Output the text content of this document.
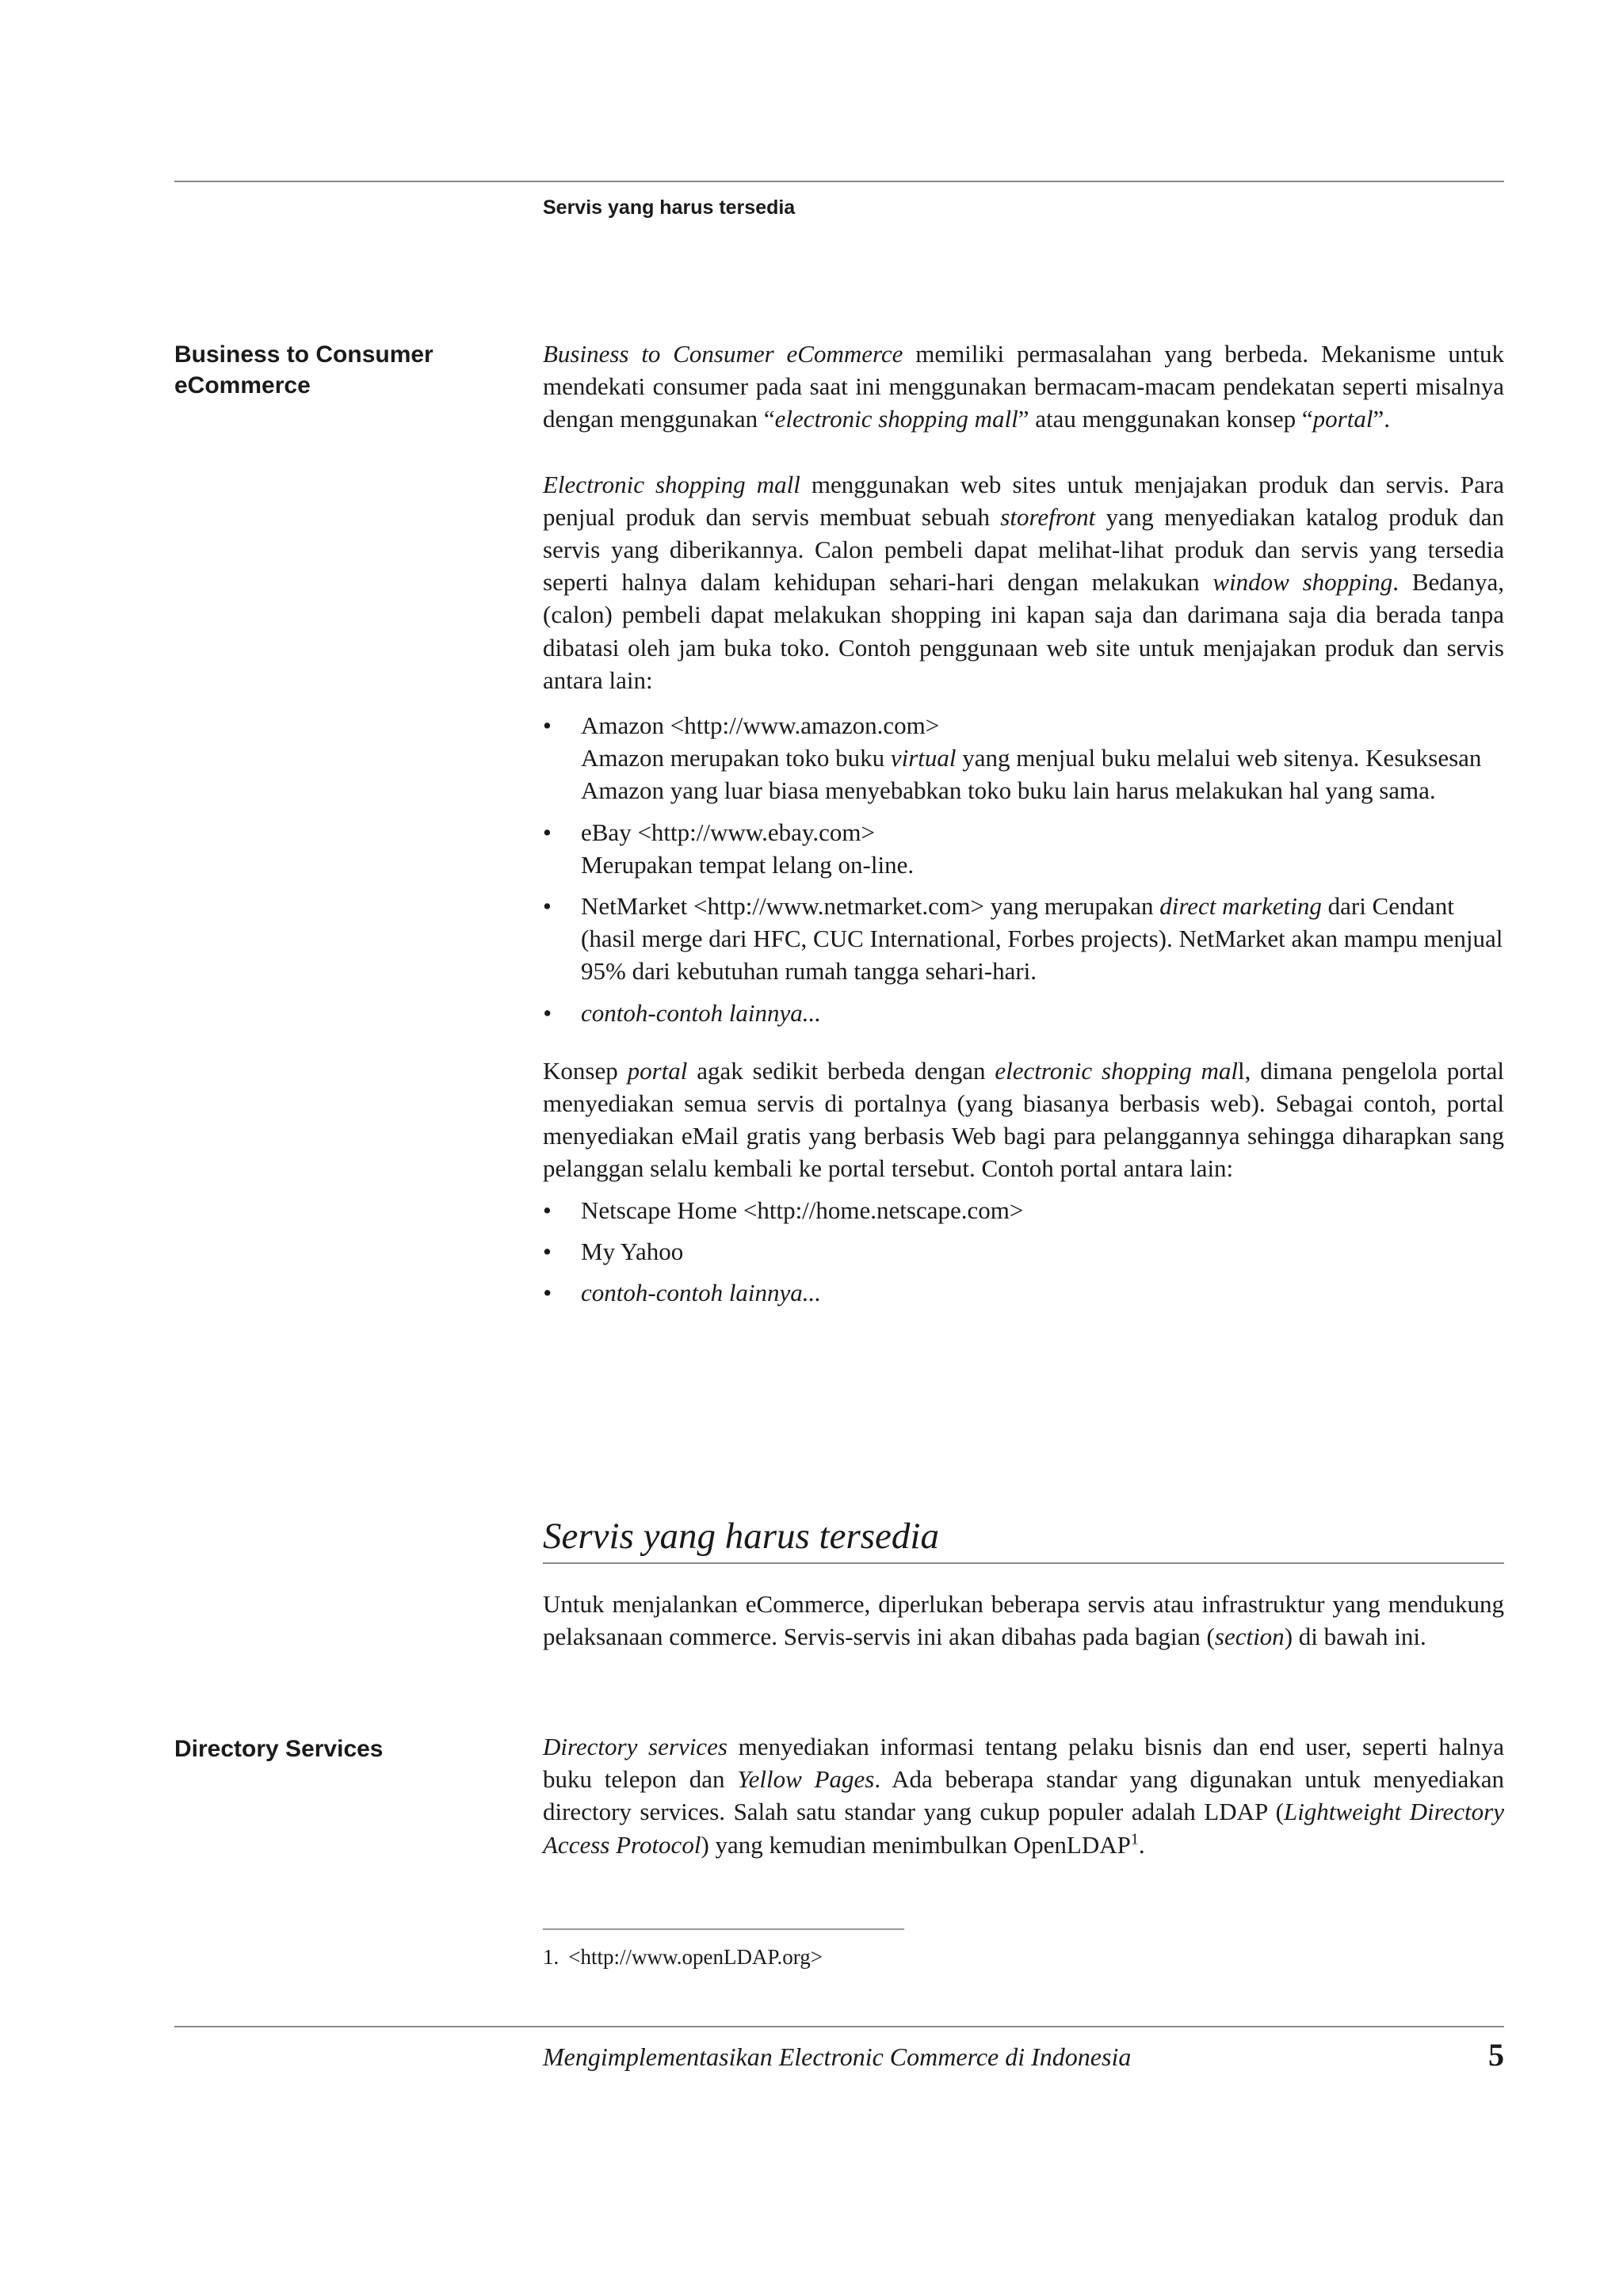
Servis yang harus tersedia
Business to Consumer eCommerce

Business to Consumer eCommerce memiliki permasalahan yang berbeda. Mekanisme untuk mendekati consumer pada saat ini menggunakan bermacam-macam pendekatan seperti misalnya dengan menggunakan “electronic shopping mall” atau menggunakan konsep “portal”.

Electronic shopping mall menggunakan web sites untuk menjajakan produk dan servis. Para penjual produk dan servis membuat sebuah storefront yang menyediakan katalog produk dan servis yang diberikannya. Calon pembeli dapat melihat-lihat produk dan servis yang tersedia seperti halnya dalam kehidupan sehari-hari dengan melakukan window shopping. Bedanya, (calon) pembeli dapat melakukan shopping ini kapan saja dan darimana saja dia berada tanpa dibatasi oleh jam buka toko. Contoh penggunaan web site untuk menjajakan produk dan servis antara lain:

• Amazon <http://www.amazon.com>
Amazon merupakan toko buku virtual yang menjual buku melalui web sitenya. Kesuksesan Amazon yang luar biasa menyebabkan toko buku lain harus melakukan hal yang sama.
• eBay <http://www.ebay.com>
Merupakan tempat lelang on-line.
• NetMarket <http://www.netmarket.com> yang merupakan direct marketing dari Cendant (hasil merge dari HFC, CUC International, Forbes projects). NetMarket akan mampu menjual 95% dari kebutuhan rumah tangga sehari-hari.
• contoh-contoh lainnya...

Konsep portal agak sedikit berbeda dengan electronic shopping mall, dimana pengelola portal menyediakan semua servis di portalnya (yang biasanya berbasis web). Sebagai contoh, portal menyediakan eMail gratis yang berbasis Web bagi para pelanggannya sehingga diharapkan sang pelanggan selalu kembali ke portal tersebut. Contoh portal antara lain:

• Netscape Home <http://home.netscape.com>
• My Yahoo
• contoh-contoh lainnya...
Servis yang harus tersedia

Untuk menjalankan eCommerce, diperlukan beberapa servis atau infrastruktur yang mendukung pelaksanaan commerce. Servis-servis ini akan dibahas pada bagian (section) di bawah ini.

Directory Services	Directory services menyediakan informasi tentang pelaku bisnis dan end user, seperti halnya buku telepon dan Yellow Pages. Ada beberapa standar yang digunakan untuk menyediakan directory services. Salah satu standar yang cukup populer adalah LDAP (Lightweight Directory Access Protocol) yang kemudian menimbulkan OpenLDAP$^1$.

1. <http://www.openLDAP.org>
Mengimplementasikan Electronic Commerce di Indonesia	5
